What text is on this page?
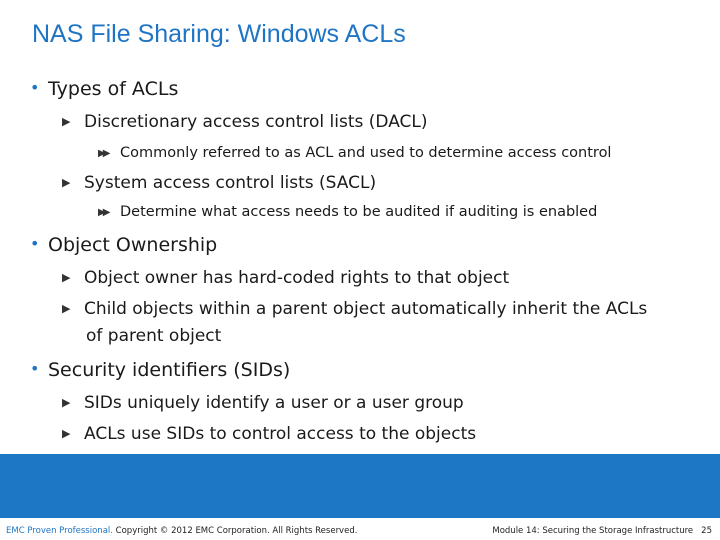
NAS File Sharing: Windows ACLs
• Types of ACLs
▶ Discretionary access control lists (DACL)
▶▶ Commonly referred to as ACL and used to determine access control
▶ System access control lists (SACL)
▶▶ Determine what access needs to be audited if auditing is enabled
• Object Ownership
▶ Object owner has hard-coded rights to that object
▶ Child objects within a parent object automatically inherit the ACLs
of parent object
• Security identifiers (SIDs)
▶ SIDs uniquely identify a user or a user group
▶ ACLs use SIDs to control access to the objects
EMC Proven Professional. Copyright © 2012 EMC Corporation. All Rights Reserved.	Module 14: Securing the Storage Infrastructure 25
